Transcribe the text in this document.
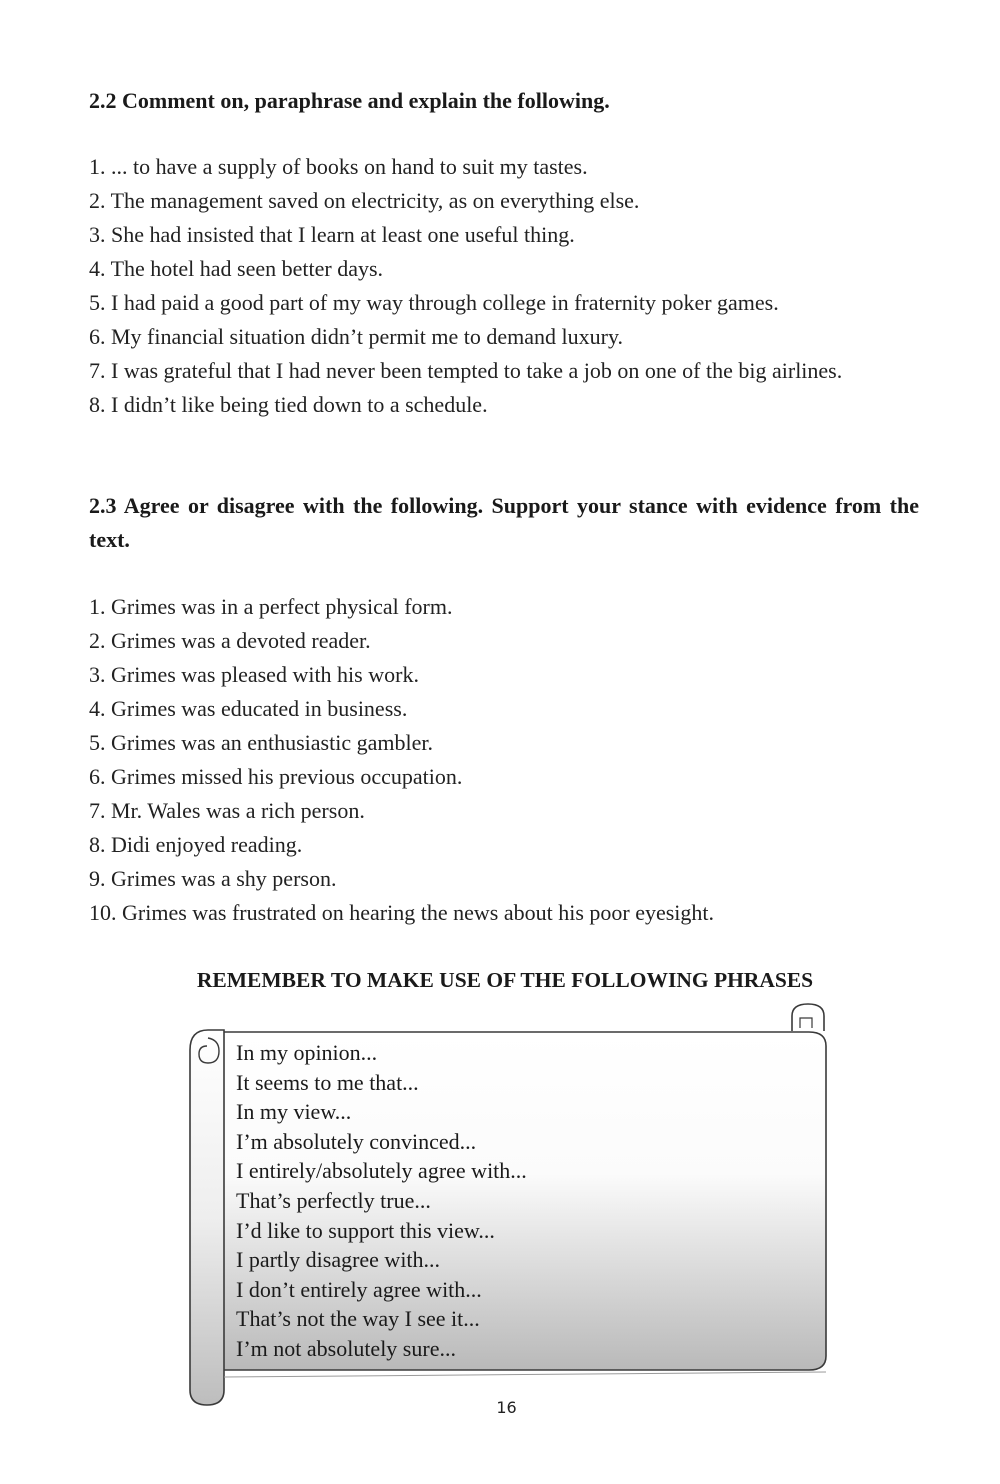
2.2 Comment on, paraphrase and explain the following.
1. ... to have a supply of books on hand to suit my tastes.
2. The management saved on electricity, as on everything else.
3. She had insisted that I learn at least one useful thing.
4. The hotel had seen better days.
5. I had paid a good part of my way through college in fraternity poker games.
6. My financial situation didn’t permit me to demand luxury.
7. I was grateful that I had never been tempted to take a job on one of the big airlines.
8. I didn’t like being tied down to a schedule.
2.3 Agree or disagree with the following. Support your stance with evidence from the text.
1. Grimes was in a perfect physical form.
2. Grimes was a devoted reader.
3. Grimes was pleased with his work.
4. Grimes was educated in business.
5. Grimes was an enthusiastic gambler.
6. Grimes missed his previous occupation.
7. Mr. Wales was a rich person.
8. Didi enjoyed reading.
9. Grimes was a shy person.
10. Grimes was frustrated on hearing the news about his poor eyesight.
REMEMBER TO MAKE USE OF THE FOLLOWING PHRASES
In my opinion...
It seems to me that...
In my view...
I’m absolutely convinced...
I entirely/absolutely agree with...
That’s perfectly true...
I’d like to support this view...
I partly disagree with...
I don’t entirely agree with...
That’s not the way I see it...
I’m not absolutely sure...
16
